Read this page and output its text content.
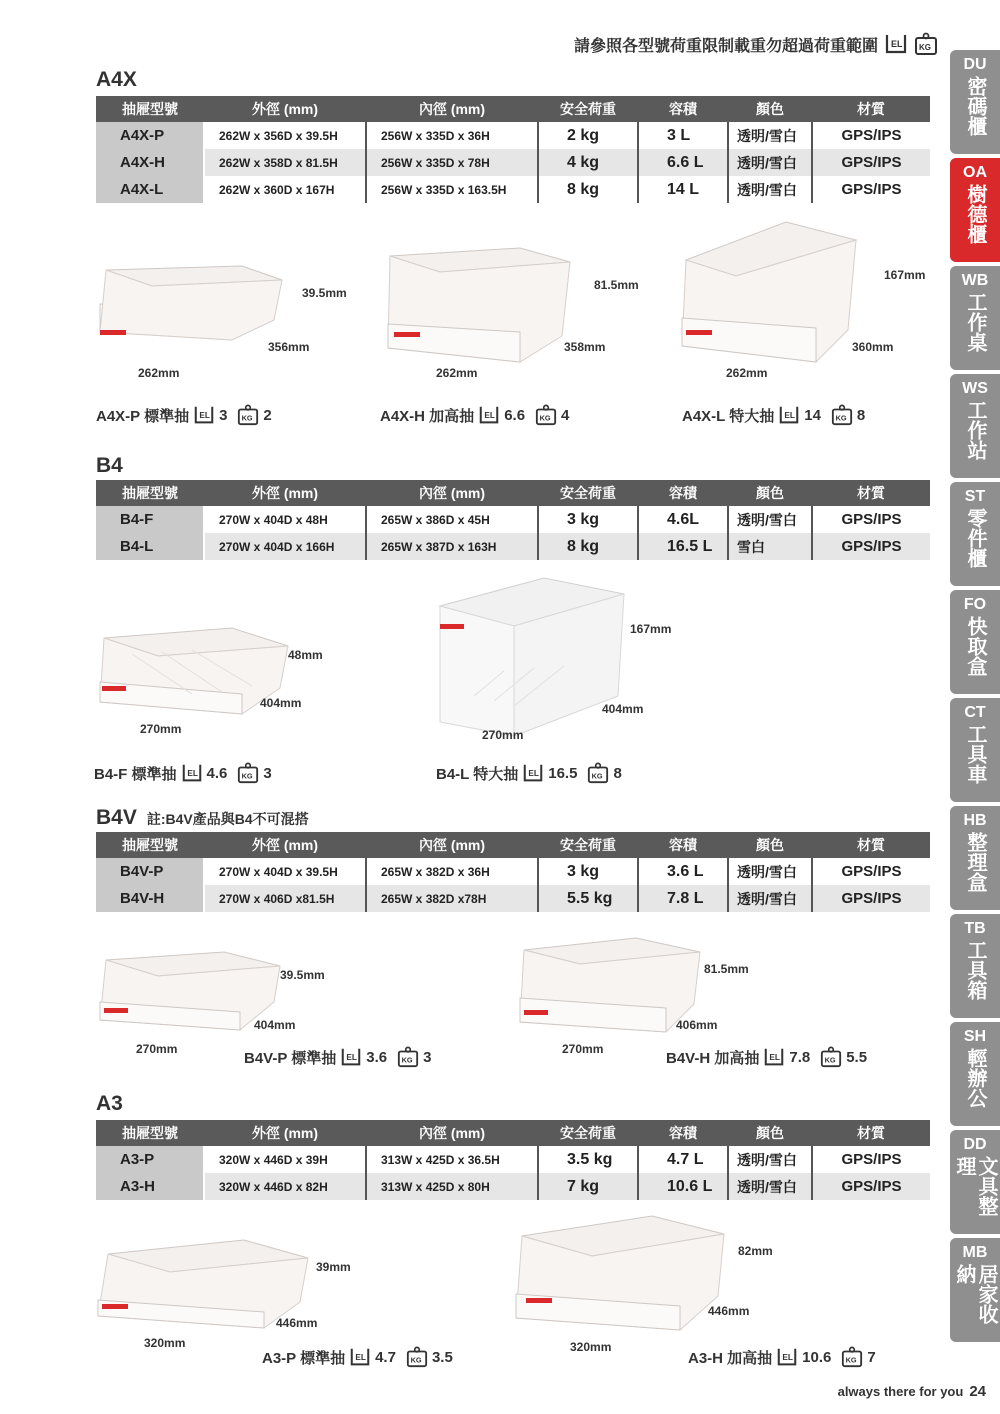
請參照各型號荷重限制載重勿超過荷重範圍 EL KG
A4X
抽屜型號	外徑 (mm)	內徑 (mm)	安全荷重	容積	顏色	材質
A4X-P	262W x 356D x 39.5H	256W x 335D x 36H	2 kg	3 L	透明/雪白	GPS/IPS
A4X-H	262W x 358D x 81.5H	256W x 335D x 78H	4 kg	6.6 L	透明/雪白	GPS/IPS
A4X-L	262W x 360D x 167H	256W x 335D x 163.5H	8 kg	14 L	透明/雪白	GPS/IPS
39.5mm
356mm
262mm
A4X-P 標準抽 EL 3 KG 2
81.5mm
358mm
262mm
A4X-H 加高抽 EL 6.6 KG 4
167mm
360mm
262mm
A4X-L 特大抽 EL 14 KG 8
B4
抽屜型號	外徑 (mm)	內徑 (mm)	安全荷重	容積	顏色	材質
B4-F	270W x 404D x 48H	265W x 386D x 45H	3 kg	4.6L	透明/雪白	GPS/IPS
B4-L	270W x 404D x 166H	265W x 387D x 163H	8 kg	16.5 L	雪白	GPS/IPS
48mm
404mm
270mm
B4-F 標準抽 EL 4.6 KG 3
167mm
404mm
270mm
B4-L 特大抽 EL 16.5 KG 8
B4V 註:B4V產品與B4不可混搭
抽屜型號	外徑 (mm)	內徑 (mm)	安全荷重	容積	顏色	材質
B4V-P	270W x 404D x 39.5H	265W x 382D x 36H	3 kg	3.6 L	透明/雪白	GPS/IPS
B4V-H	270W x 406D x81.5H	265W x 382D x78H	5.5 kg	7.8 L	透明/雪白	GPS/IPS
39.5mm
404mm
270mm
B4V-P 標準抽 EL 3.6 KG 3
81.5mm
406mm
270mm
B4V-H 加高抽 EL 7.8 KG 5.5
A3
抽屜型號	外徑 (mm)	內徑 (mm)	安全荷重	容積	顏色	材質
A3-P	320W x 446D x 39H	313W x 425D x 36.5H	3.5 kg	4.7 L	透明/雪白	GPS/IPS
A3-H	320W x 446D x 82H	313W x 425D x 80H	7 kg	10.6 L	透明/雪白	GPS/IPS
39mm
446mm
320mm
A3-P 標準抽 EL 4.7 KG 3.5
82mm
446mm
320mm
A3-H 加高抽 EL 10.6 KG 7
DU
密碼櫃
OA
樹德櫃
WB
工作桌
WS
工作站
ST
零件櫃
FO
快取盒
CT
工具車
HB
整理盒
TB
工具箱
SH
輕辦公
DD
文具整理
MB
居家收納
always there for you 24
